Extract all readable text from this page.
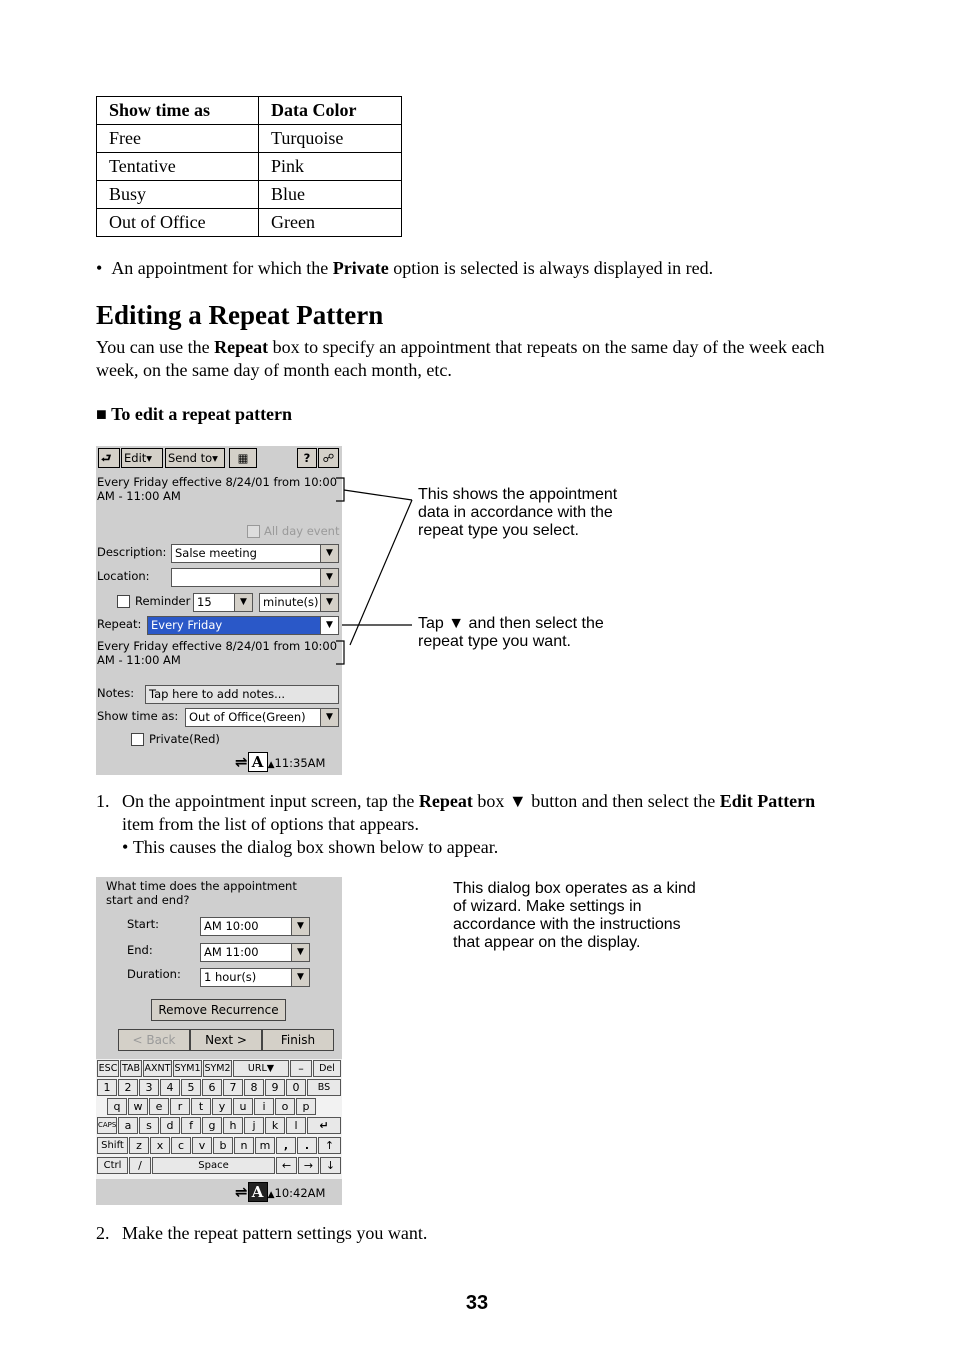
Show time as	Data Color
Free	Turquoise
Tentative	Pink
Busy	Blue
Out of Office	Green
•  An appointment for which the Private option is selected is always displayed in red.
Editing a Repeat Pattern
You can use the Repeat box to specify an appointment that repeats on the same day of the week each week, on the same day of month each month, etc.
■ To edit a repeat pattern
⮐	Edit▾	Send to▾	▦	?	☍
Every Friday effective 8/24/01 from 10:00
AM - 11:00 AM
All day event
Description: Salse meeting	▼
Location:	▼
Reminder 15	▼	minute(s) ▼
Repeat: Every Friday	▼
Every Friday effective 8/24/01 from 10:00
AM - 11:00 AM
Notes:	Tap here to add notes...
Show time as: Out of Office(Green)	▼
Private(Red)
⇌ A ▲11:35AM
This shows the appointment data in accordance with the repeat type you select.
Tap ▼ and then select the repeat type you want.
1. On the appointment input screen, tap the Repeat box ▼ button and then select the Edit Pattern item from the list of options that appears.
• This causes the dialog box shown below to appear.
What time does the appointment start and end?
Start:	AM 10:00	▼
End:	AM 11:00	▼
Duration:	1 hour(s)	▼
Remove Recurrence
< Back	Next >	Finish
ESC TAB AXNT SYM1 SYM2	URL▼	–	Del
1	2	3	4	5	6	7	8	9	0	BS
q	w	e	r	t	y	u	i	o	p
CAPS a	s	d	f	g	h	j	k	l	↵
Shift	z	x	c	v	b	n	m	,	.	↑
Ctrl	/	Space	←	→	↓
⇌ A ▲10:42AM
This dialog box operates as a kind of wizard. Make settings in accordance with the instructions that appear on the display.
2. Make the repeat pattern settings you want.
33
